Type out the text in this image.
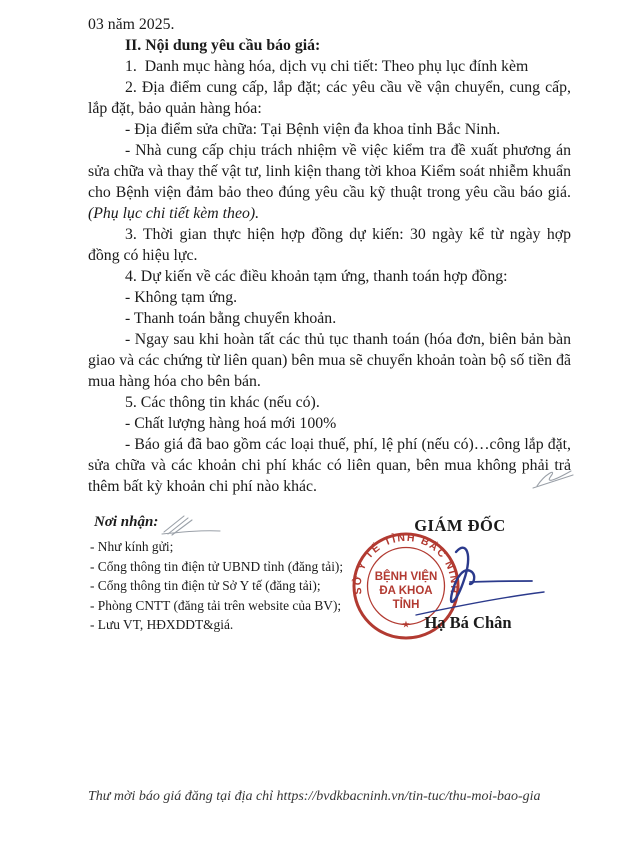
03 năm 2025.

II. Nội dung yêu cầu báo giá:

1.  Danh mục hàng hóa, dịch vụ chi tiết: Theo phụ lục đính kèm

2. Địa điểm cung cấp, lắp đặt; các yêu cầu về vận chuyển, cung cấp, lắp đặt, bảo quản hàng hóa:

- Địa điểm sửa chữa: Tại Bệnh viện đa khoa tỉnh Bắc Ninh.

- Nhà cung cấp chịu trách nhiệm về việc kiểm tra đề xuất phương án sửa chữa và thay thế vật tư, linh kiện thang tời khoa Kiểm soát nhiễm khuẩn cho Bệnh viện đảm bảo theo đúng yêu cầu kỹ thuật trong yêu cầu báo giá. (Phụ lục chi tiết kèm theo).

3. Thời gian thực hiện hợp đồng dự kiến: 30 ngày kể từ ngày hợp đồng có hiệu lực.

4. Dự kiến về các điều khoản tạm ứng, thanh toán hợp đồng:

- Không tạm ứng.

- Thanh toán bằng chuyển khoản.

- Ngay sau khi hoàn tất các thủ tục thanh toán (hóa đơn, biên bản bàn giao và các chứng từ liên quan) bên mua sẽ chuyển khoản toàn bộ số tiền đã mua hàng hóa cho bên bán.

5. Các thông tin khác (nếu có).

- Chất lượng hàng hoá mới 100%

- Báo giá đã bao gồm các loại thuế, phí, lệ phí (nếu có)…công lắp đặt, sửa chữa và các khoản chi phí khác có liên quan, bên mua không phải trả thêm bất kỳ khoản chi phí nào khác.

Nơi nhận:

- Như kính gửi;
- Cổng thông tin điện tử UBND tỉnh (đăng tải);
- Cổng thông tin điện tử Sở Y tế (đăng tải);
- Phòng CNTT (đăng tải trên website của BV);
- Lưu VT, HĐXDDT&giá.
GIÁM ĐỐC
SỞ Y TẾ TỈNH BẮC NINH
BỆNH VIỆN
ĐA KHOA
TỈNH
★ Hạ Bá Chân
Thư mời báo giá đăng tại địa chỉ https://bvdkbacninh.vn/tin-tuc/thu-moi-bao-gia
